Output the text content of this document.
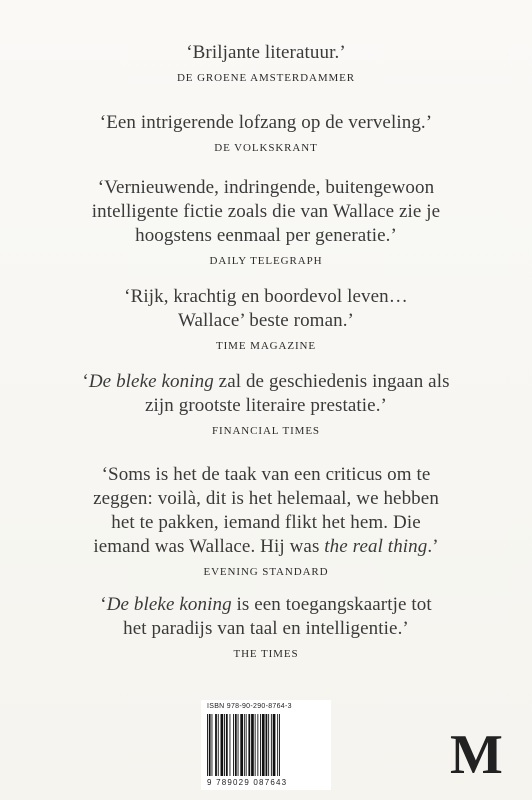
‘Briljante literatuur.’

DE GROENE AMSTERDAMMER

‘Een intrigerende lofzang op de verveling.’

DE VOLKSKRANT

‘Vernieuwende, indringende, buitengewoon

intelligente fictie zoals die van Wallace zie je

hoogstens eenmaal per generatie.’

DAILY TELEGRAPH

‘Rijk, krachtig en boordevol leven…

Wallace’ beste roman.’

TIME MAGAZINE

‘De bleke koning zal de geschiedenis ingaan als

zijn grootste literaire prestatie.’

FINANCIAL TIMES

‘Soms is het de taak van een criticus om te

zeggen: voilà, dit is het helemaal, we hebben

het te pakken, iemand flikt het hem. Die

iemand was Wallace. Hij was the real thing.’

EVENING STANDARD

‘De bleke koning is een toegangskaartje tot

het paradijs van taal en intelligentie.’

THE TIMES
ISBN 978-90-290-8764-3
9 789029 087643	M
